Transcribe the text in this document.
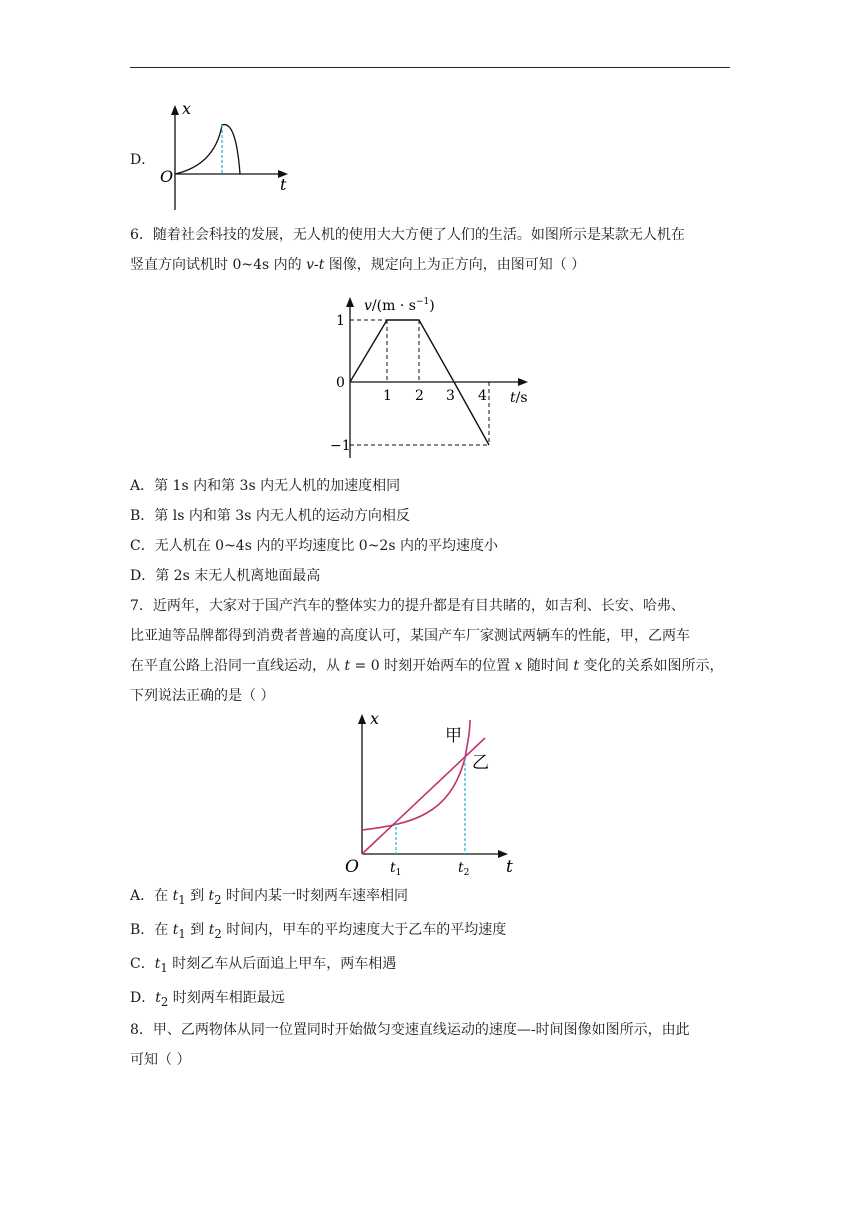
D．
x
O	t
6．随着社会科技的发展，无人机的使用大大方便了人们的生活。如图所示是某款无人机在
竖直方向试机时 0~4s 内的 v-t 图像，规定向上为正方向，由图可知（ ）
$v/(m \cdot s^{-1})$
1
0
−1
1 2 3 4 t/s
A．第 1s 内和第 3s 内无人机的加速度相同
B．第 ls 内和第 3s 内无人机的运动方向相反
C．无人机在 0~4s 内的平均速度比 0~2s 内的平均速度小
D．第 2s 末无人机离地面最高
7．近两年，大家对于国产汽车的整体实力的提升都是有目共睹的，如吉利、长安、哈弗、
比亚迪等品牌都得到消费者普遍的高度认可，某国产车厂家测试两辆车的性能，甲，乙两车
在平直公路上沿同一直线运动，从 t = 0 时刻开始两车的位置 x 随时间 t 变化的关系如图所示，
下列说法正确的是（ ）
x
O	t
甲
乙
$t_1$	$t_2$
A．在 $t_1$ 到 $t_2$ 时间内某一时刻两车速率相同
B．在 $t_1$ 到 $t_2$ 时间内，甲车的平均速度大于乙车的平均速度
C．$t_1$ 时刻乙车从后面追上甲车，两车相遇
D．$t_2$ 时刻两车相距最远
8．甲、乙两物体从同一位置同时开始做匀变速直线运动的速度—-时间图像如图所示，由此
可知（ ）
